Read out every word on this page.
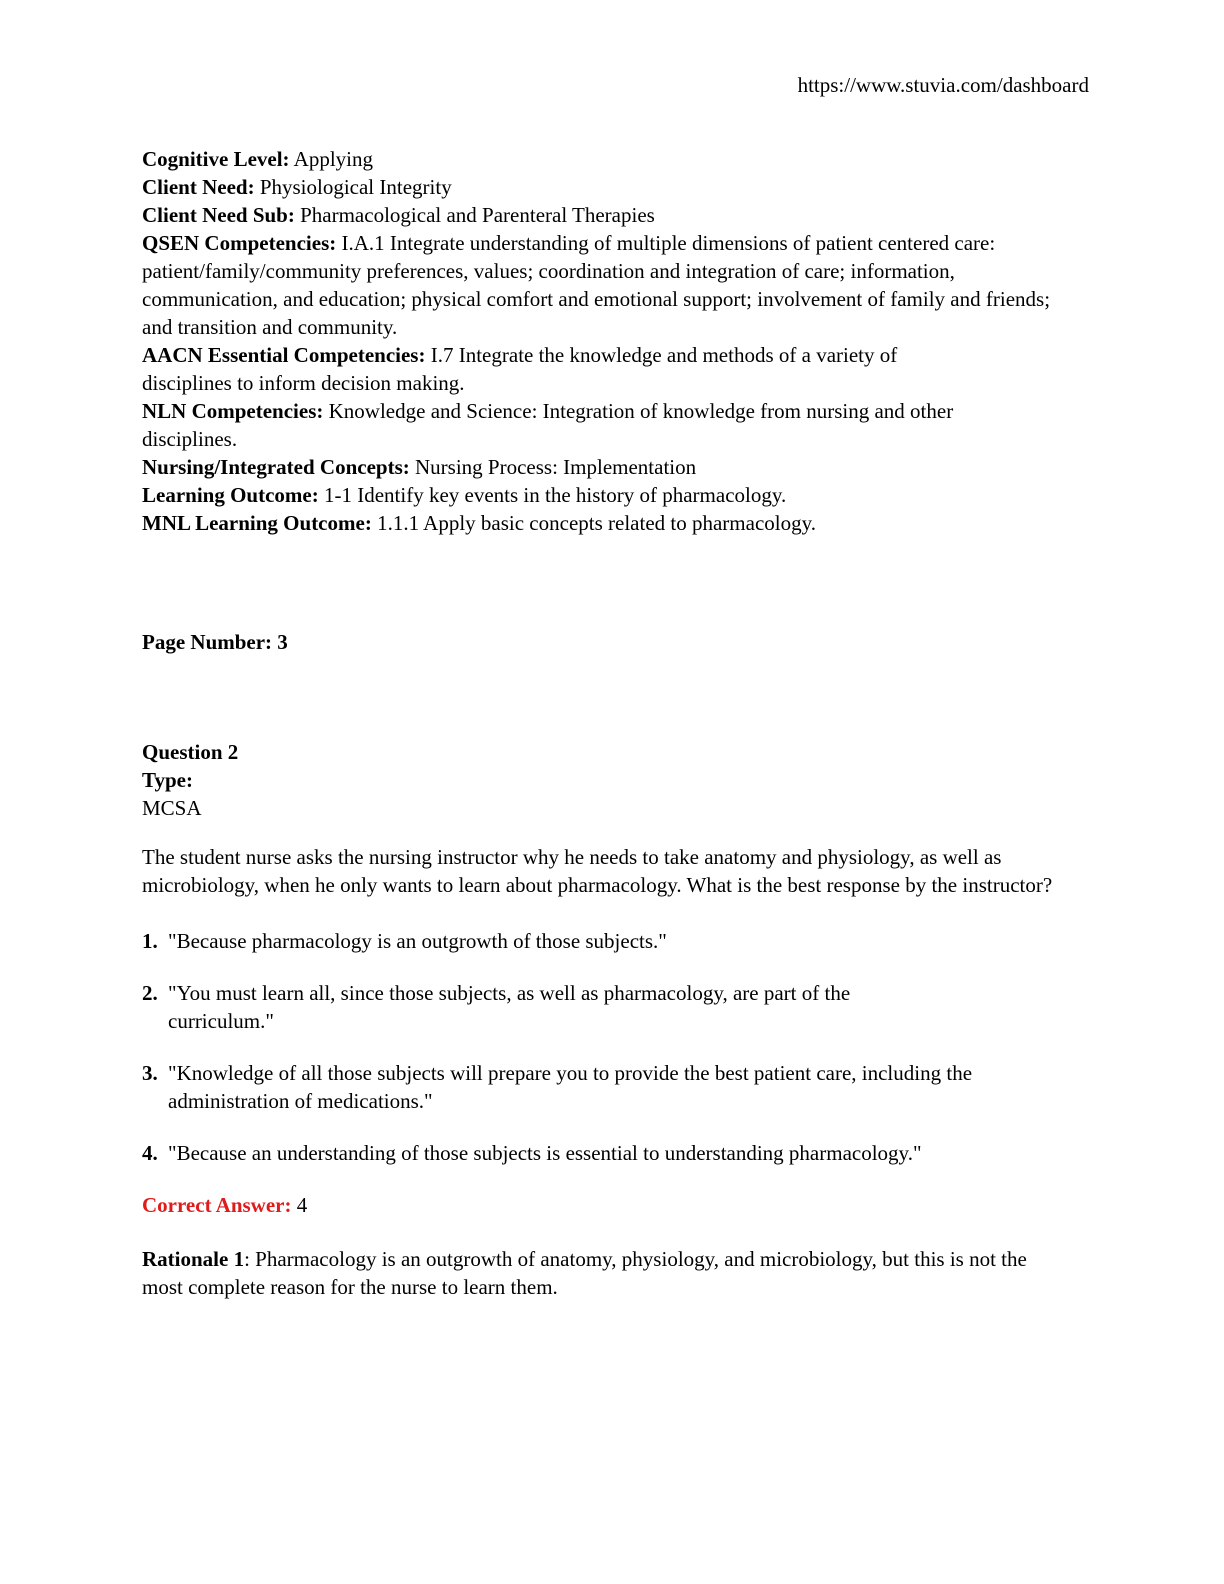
https://www.stuvia.com/dashboard

Cognitive Level: Applying

Client Need: Physiological Integrity

Client Need Sub: Pharmacological and Parenteral Therapies

QSEN Competencies: I.A.1 Integrate understanding of multiple dimensions of patient centered care: patient/family/community preferences, values; coordination and integration of care; information, communication, and education; physical comfort and emotional support; involvement of family and friends; and transition and community.

AACN Essential Competencies: I.7 Integrate the knowledge and methods of a variety of disciplines to inform decision making.

NLN Competencies: Knowledge and Science: Integration of knowledge from nursing and other disciplines.

Nursing/Integrated Concepts: Nursing Process: Implementation

Learning Outcome: 1-1 Identify key events in the history of pharmacology.

MNL Learning Outcome: 1.1.1 Apply basic concepts related to pharmacology.

Page Number: 3

Question 2

Type:

MCSA

The student nurse asks the nursing instructor why he needs to take anatomy and physiology, as well as microbiology, when he only wants to learn about pharmacology. What is the best response by the instructor?

1. "Because pharmacology is an outgrowth of those subjects."
2. "You must learn all, since those subjects, as well as pharmacology, are part of the curriculum."
3. "Knowledge of all those subjects will prepare you to provide the best patient care, including the administration of medications."
4. "Because an understanding of those subjects is essential to understanding pharmacology."

Correct Answer: 4

Rationale 1: Pharmacology is an outgrowth of anatomy, physiology, and microbiology, but this is not the most complete reason for the nurse to learn them.
